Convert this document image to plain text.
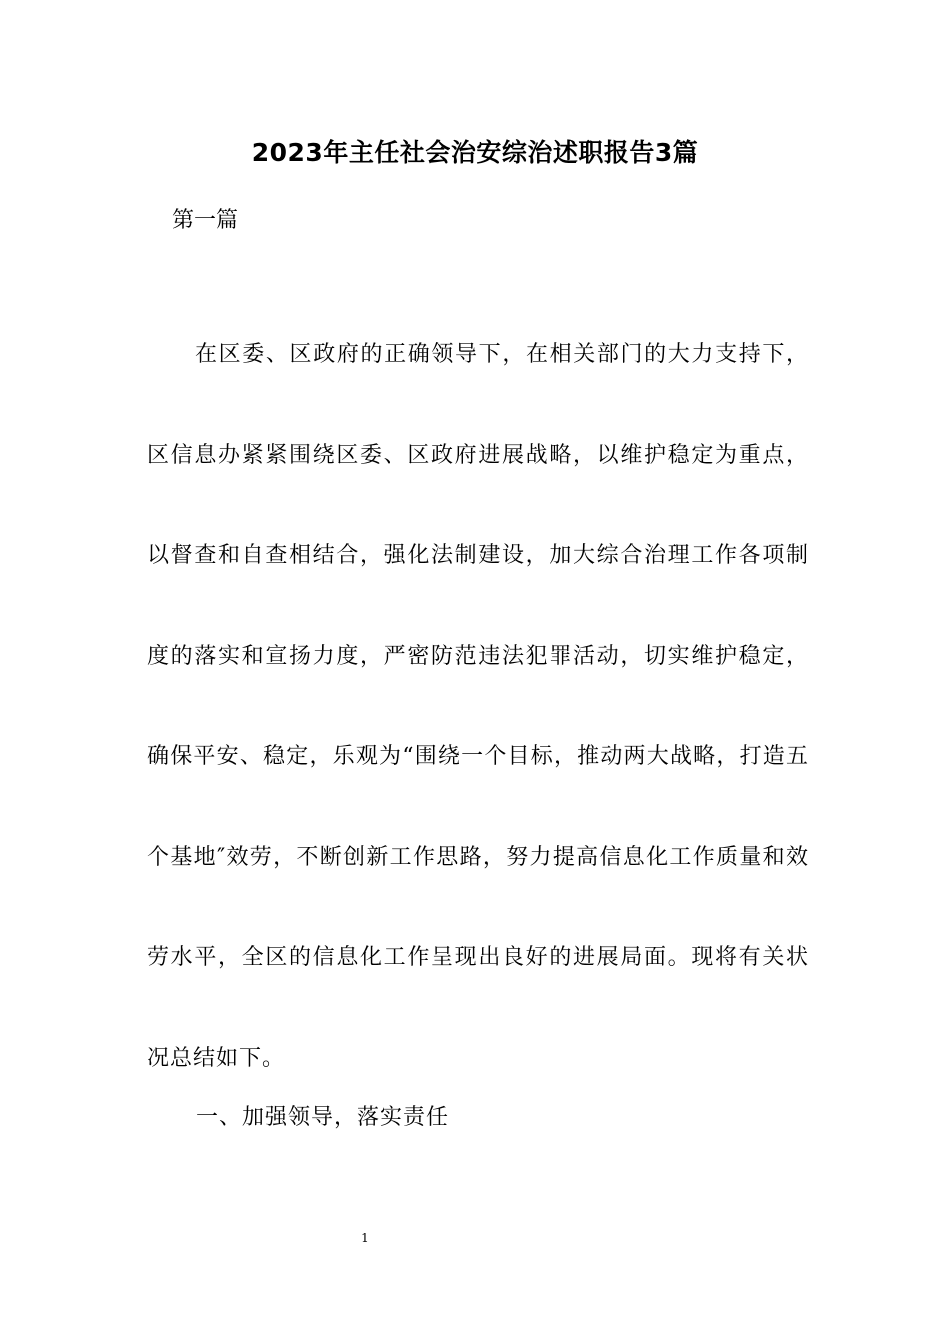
2023年主任社会治安综治述职报告3篇

第一篇

在区委、区政府的正确领导下，在相关部门的大力支持下，区信息办紧紧围绕区委、区政府进展战略，以维护稳定为重点，以督查和自查相结合，强化法制建设，加大综合治理工作各项制度的落实和宣扬力度，严密防范违法犯罪活动，切实维护稳定，确保平安、稳定，乐观为“围绕一个目标，推动两大战略，打造五个基地″效劳，不断创新工作思路，努力提高信息化工作质量和效劳水平，全区的信息化工作呈现出良好的进展局面。现将有关状况总结如下。

一、加强领导，落实责任

1
